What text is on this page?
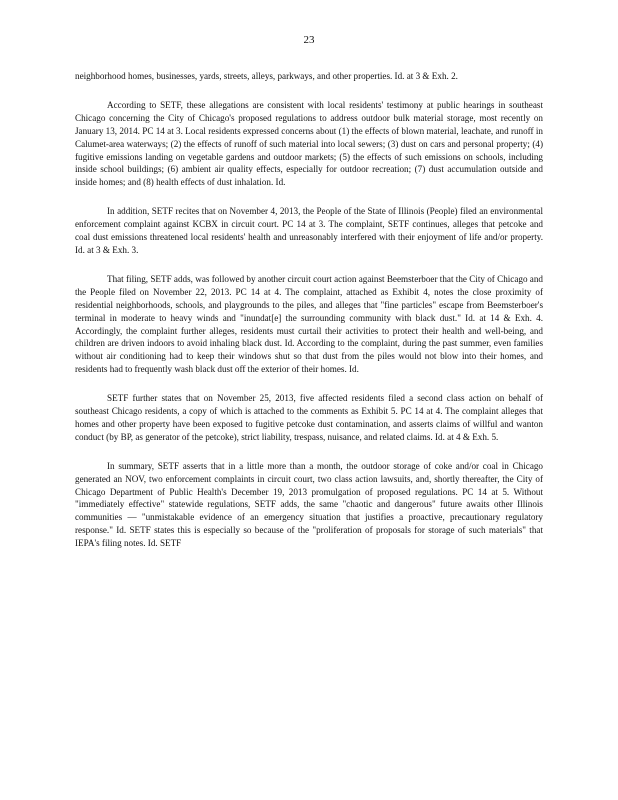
23

neighborhood homes, businesses, yards, streets, alleys, parkways, and other properties. Id. at 3 & Exh. 2.

According to SETF, these allegations are consistent with local residents' testimony at public hearings in southeast Chicago concerning the City of Chicago's proposed regulations to address outdoor bulk material storage, most recently on January 13, 2014. PC 14 at 3. Local residents expressed concerns about (1) the effects of blown material, leachate, and runoff in Calumet-area waterways; (2) the effects of runoff of such material into local sewers; (3) dust on cars and personal property; (4) fugitive emissions landing on vegetable gardens and outdoor markets; (5) the effects of such emissions on schools, including inside school buildings; (6) ambient air quality effects, especially for outdoor recreation; (7) dust accumulation outside and inside homes; and (8) health effects of dust inhalation. Id.

In addition, SETF recites that on November 4, 2013, the People of the State of Illinois (People) filed an environmental enforcement complaint against KCBX in circuit court. PC 14 at 3. The complaint, SETF continues, alleges that petcoke and coal dust emissions threatened local residents' health and unreasonably interfered with their enjoyment of life and/or property. Id. at 3 & Exh. 3.

That filing, SETF adds, was followed by another circuit court action against Beemsterboer that the City of Chicago and the People filed on November 22, 2013. PC 14 at 4. The complaint, attached as Exhibit 4, notes the close proximity of residential neighborhoods, schools, and playgrounds to the piles, and alleges that "fine particles" escape from Beemsterboer's terminal in moderate to heavy winds and "inundat[e] the surrounding community with black dust." Id. at 14 & Exh. 4. Accordingly, the complaint further alleges, residents must curtail their activities to protect their health and well-being, and children are driven indoors to avoid inhaling black dust. Id. According to the complaint, during the past summer, even families without air conditioning had to keep their windows shut so that dust from the piles would not blow into their homes, and residents had to frequently wash black dust off the exterior of their homes. Id.

SETF further states that on November 25, 2013, five affected residents filed a second class action on behalf of southeast Chicago residents, a copy of which is attached to the comments as Exhibit 5. PC 14 at 4. The complaint alleges that homes and other property have been exposed to fugitive petcoke dust contamination, and asserts claims of willful and wanton conduct (by BP, as generator of the petcoke), strict liability, trespass, nuisance, and related claims. Id. at 4 & Exh. 5.

In summary, SETF asserts that in a little more than a month, the outdoor storage of coke and/or coal in Chicago generated an NOV, two enforcement complaints in circuit court, two class action lawsuits, and, shortly thereafter, the City of Chicago Department of Public Health's December 19, 2013 promulgation of proposed regulations. PC 14 at 5. Without "immediately effective" statewide regulations, SETF adds, the same "chaotic and dangerous" future awaits other Illinois communities — "unmistakable evidence of an emergency situation that justifies a proactive, precautionary regulatory response." Id. SETF states this is especially so because of the "proliferation of proposals for storage of such materials" that IEPA's filing notes. Id. SETF
